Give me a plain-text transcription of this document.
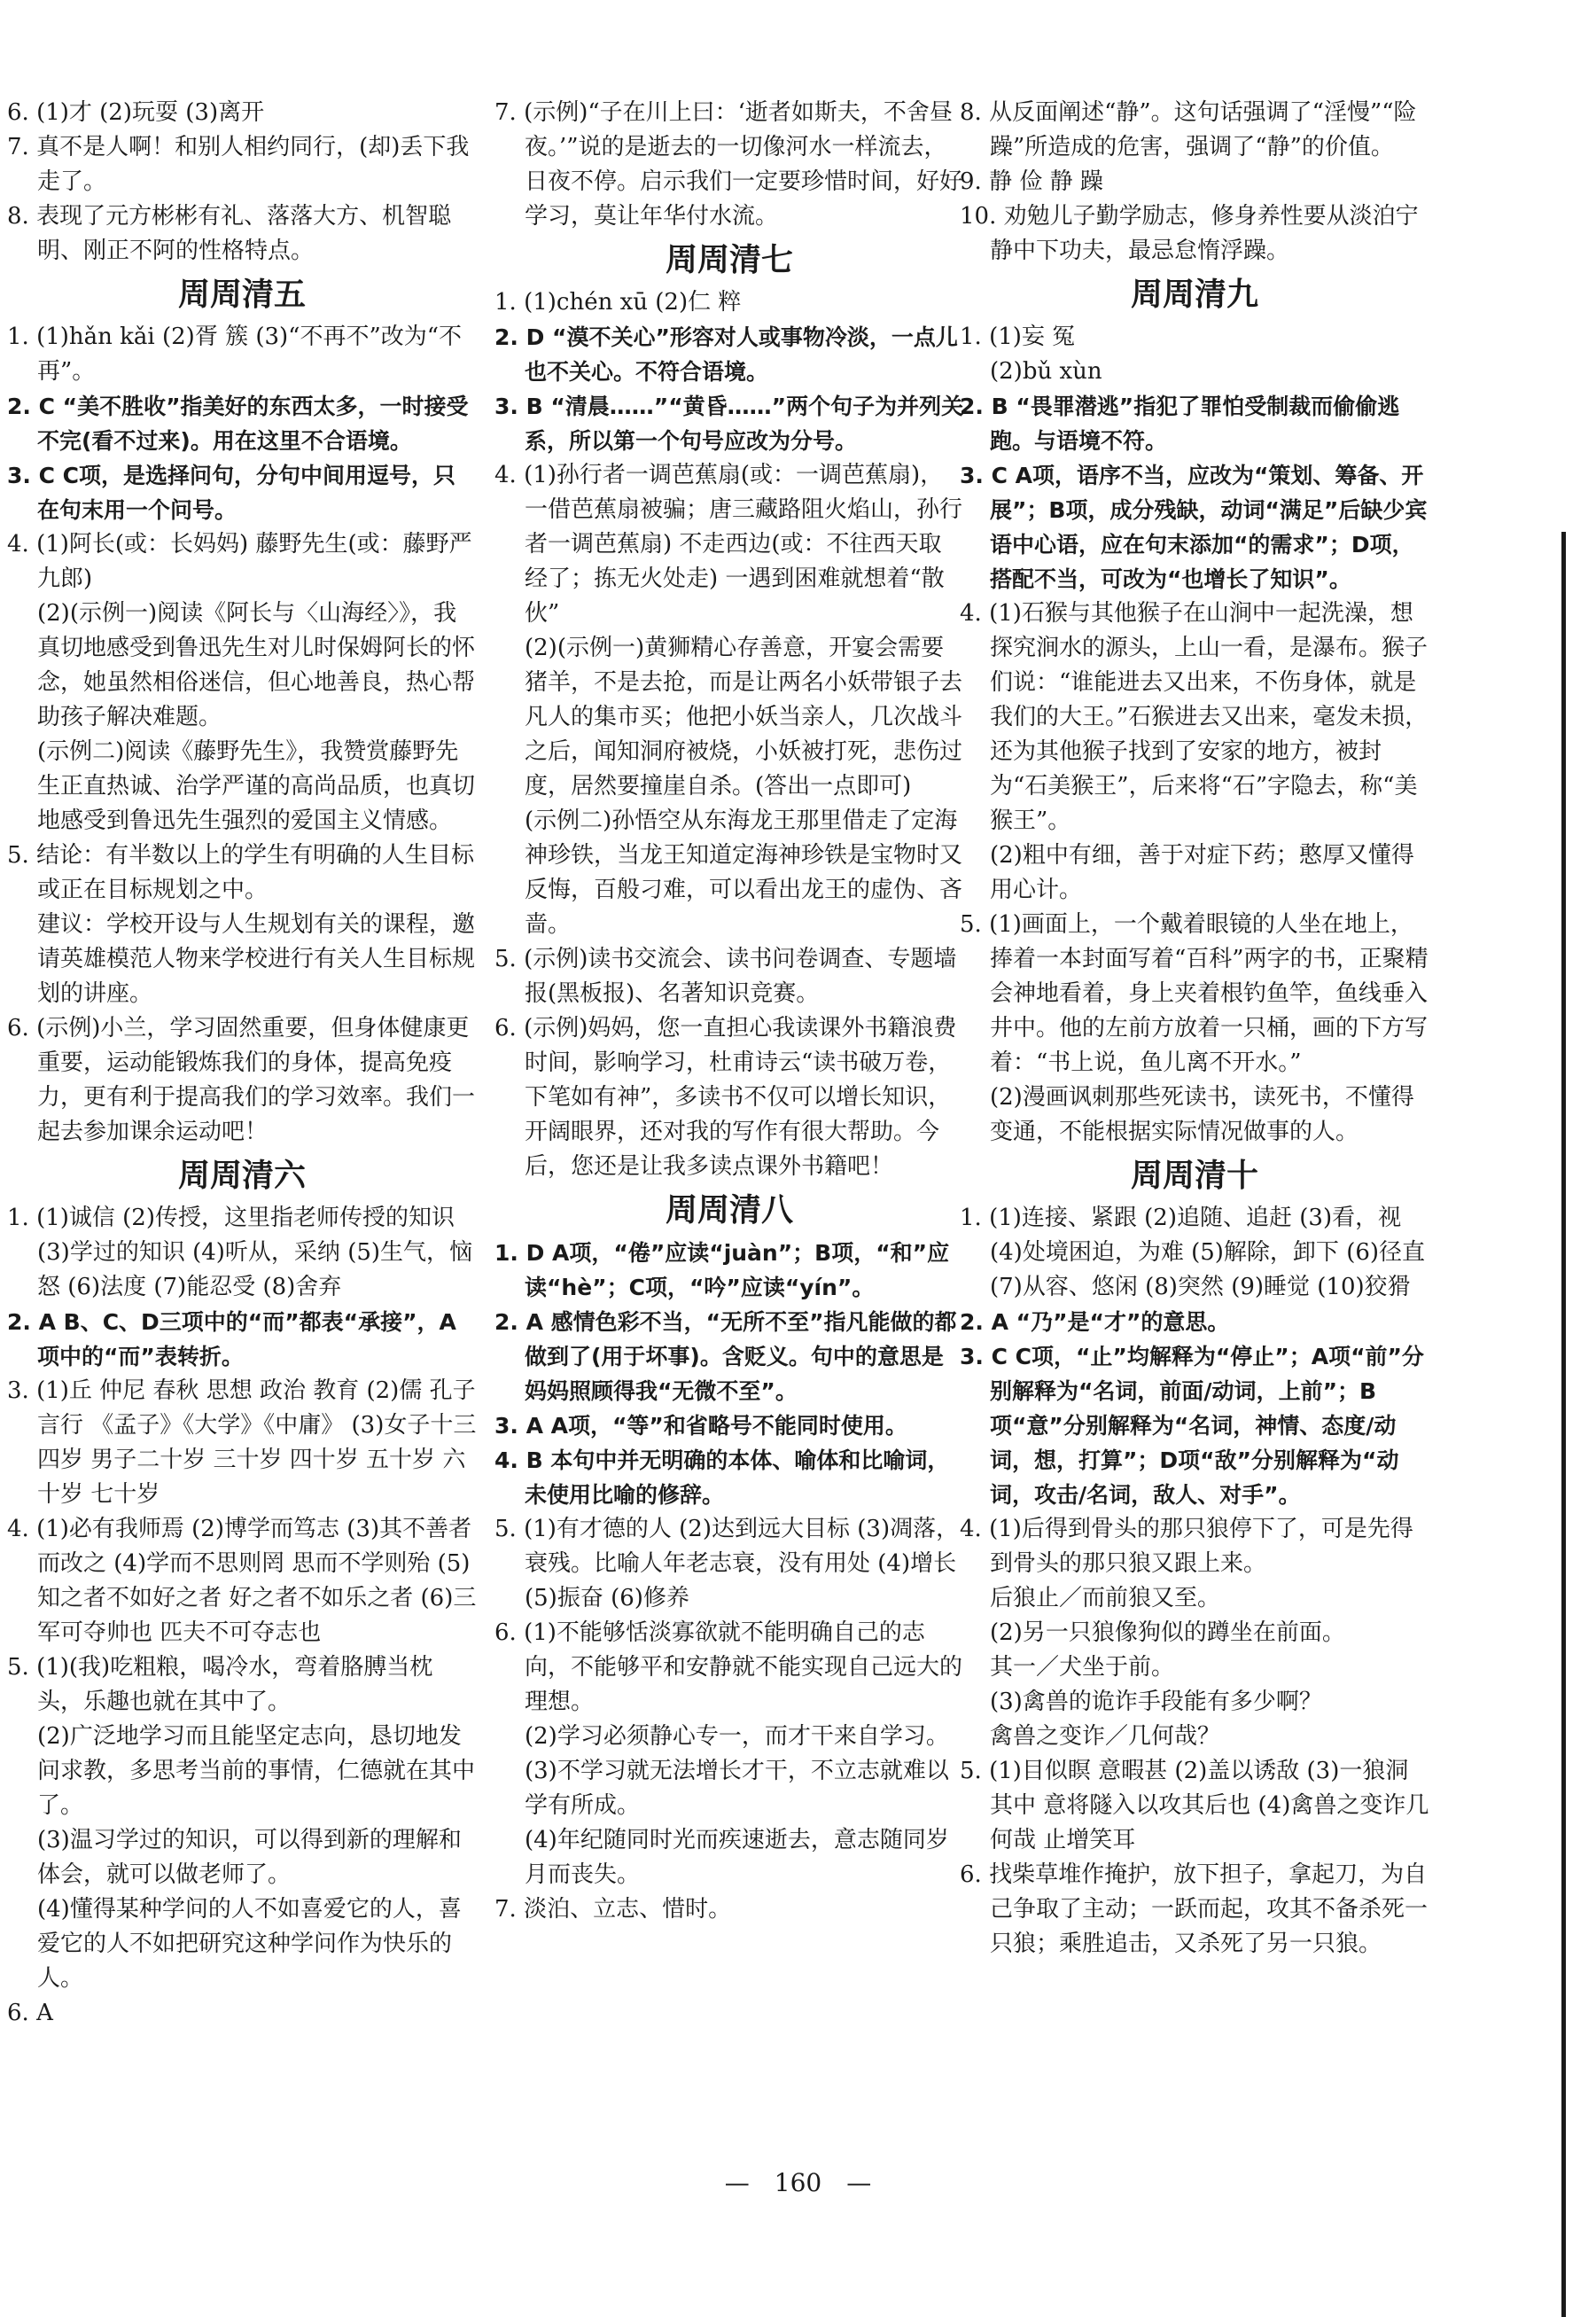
6. (1)才 (2)玩耍 (3)离开

7. 真不是人啊！和别人相约同行，(却)丢下我走了。

8. 表现了元方彬彬有礼、落落大方、机智聪明、刚正不阿的性格特点。

周周清五

1. (1)hǎn kǎi (2)胥 簇 (3)“不再不”改为“不再”。

2. C “美不胜收”指美好的东西太多，一时接受不完(看不过来)。用在这里不合语境。

3. C C项，是选择问句，分句中间用逗号，只在句末用一个问号。

4. (1)阿长(或：长妈妈) 藤野先生(或：藤野严九郎)

(2)(示例一)阅读《阿长与〈山海经〉》，我真切地感受到鲁迅先生对儿时保姆阿长的怀念，她虽然相俗迷信，但心地善良，热心帮助孩子解决难题。

(示例二)阅读《藤野先生》，我赞赏藤野先生正直热诚、治学严谨的高尚品质，也真切地感受到鲁迅先生强烈的爱国主义情感。

5. 结论：有半数以上的学生有明确的人生目标或正在目标规划之中。

建议：学校开设与人生规划有关的课程，邀请英雄模范人物来学校进行有关人生目标规划的讲座。

6. (示例)小兰，学习固然重要，但身体健康更重要，运动能锻炼我们的身体，提高免疫力，更有利于提高我们的学习效率。我们一起去参加课余运动吧！

周周清六

1. (1)诚信 (2)传授，这里指老师传授的知识 (3)学过的知识 (4)听从，采纳 (5)生气，恼怒 (6)法度 (7)能忍受 (8)舍弃

2. A B、C、D三项中的“而”都表“承接”，A项中的“而”表转折。

3. (1)丘 仲尼 春秋 思想 政治 教育 (2)儒 孔子 言行 《孟子》《大学》《中庸》 (3)女子十三四岁 男子二十岁 三十岁 四十岁 五十岁 六十岁 七十岁

4. (1)必有我师焉 (2)博学而笃志 (3)其不善者而改之 (4)学而不思则罔 思而不学则殆 (5)知之者不如好之者 好之者不如乐之者 (6)三军可夺帅也 匹夫不可夺志也

5. (1)(我)吃粗粮，喝冷水，弯着胳膊当枕头，乐趣也就在其中了。

(2)广泛地学习而且能坚定志向，恳切地发问求教，多思考当前的事情，仁德就在其中了。

(3)温习学过的知识，可以得到新的理解和体会，就可以做老师了。

(4)懂得某种学问的人不如喜爱它的人，喜爱它的人不如把研究这种学问作为快乐的人。

6. A

7. (示例)“子在川上曰：‘逝者如斯夫，不舍昼夜。’”说的是逝去的一切像河水一样流去，日夜不停。启示我们一定要珍惜时间，好好学习，莫让年华付水流。

周周清七

1. (1)chén xū (2)仁 粹

2. D “漠不关心”形容对人或事物冷淡，一点儿也不关心。不符合语境。

3. B “清晨……”“黄昏……”两个句子为并列关系，所以第一个句号应改为分号。

4. (1)孙行者一调芭蕉扇(或：一调芭蕉扇)，一借芭蕉扇被骗；唐三藏路阻火焰山，孙行者一调芭蕉扇) 不走西边(或：不往西天取经了；拣无火处走) 一遇到困难就想着“散伙”

(2)(示例一)黄狮精心存善意，开宴会需要猪羊，不是去抢，而是让两名小妖带银子去凡人的集市买；他把小妖当亲人，几次战斗之后，闻知洞府被烧，小妖被打死，悲伤过度，居然要撞崖自杀。(答出一点即可)

(示例二)孙悟空从东海龙王那里借走了定海神珍铁，当龙王知道定海神珍铁是宝物时又反悔，百般刁难，可以看出龙王的虚伪、吝啬。

5. (示例)读书交流会、读书问卷调查、专题墙报(黑板报)、名著知识竞赛。

6. (示例)妈妈，您一直担心我读课外书籍浪费时间，影响学习，杜甫诗云“读书破万卷，下笔如有神”，多读书不仅可以增长知识，开阔眼界，还对我的写作有很大帮助。今后，您还是让我多读点课外书籍吧！

周周清八

1. D A项，“倦”应读“juàn”；B项，“和”应读“hè”；C项，“吟”应读“yín”。

2. A 感情色彩不当，“无所不至”指凡能做的都做到了(用于坏事)。含贬义。句中的意思是妈妈照顾得我“无微不至”。

3. A A项，“等”和省略号不能同时使用。

4. B 本句中并无明确的本体、喻体和比喻词，未使用比喻的修辞。

5. (1)有才德的人 (2)达到远大目标 (3)凋落，衰残。比喻人年老志衰，没有用处 (4)增长 (5)振奋 (6)修养

6. (1)不能够恬淡寡欲就不能明确自己的志向，不能够平和安静就不能实现自己远大的理想。

(2)学习必须静心专一，而才干来自学习。

(3)不学习就无法增长才干，不立志就难以学有所成。

(4)年纪随同时光而疾速逝去，意志随同岁月而丧失。

7. 淡泊、立志、惜时。

8. 从反面阐述“静”。这句话强调了“淫慢”“险躁”所造成的危害，强调了“静”的价值。

9. 静 俭 静 躁

10. 劝勉儿子勤学励志，修身养性要从淡泊宁静中下功夫，最忌怠惰浮躁。

周周清九

1. (1)妄 冤

(2)bǔ xùn

2. B “畏罪潜逃”指犯了罪怕受制裁而偷偷逃跑。与语境不符。

3. C A项，语序不当，应改为“策划、筹备、开展”；B项，成分残缺，动词“满足”后缺少宾语中心语，应在句末添加“的需求”；D项，搭配不当，可改为“也增长了知识”。

4. (1)石猴与其他猴子在山涧中一起洗澡，想探究涧水的源头，上山一看，是瀑布。猴子们说：“谁能进去又出来，不伤身体，就是我们的大王。”石猴进去又出来，毫发未损，还为其他猴子找到了安家的地方，被封为“石美猴王”，后来将“石”字隐去，称“美猴王”。

(2)粗中有细，善于对症下药；憨厚又懂得用心计。

5. (1)画面上，一个戴着眼镜的人坐在地上，捧着一本封面写着“百科”两字的书，正聚精会神地看着，身上夹着根钓鱼竿，鱼线垂入井中。他的左前方放着一只桶，画的下方写着：“书上说，鱼儿离不开水。”

(2)漫画讽刺那些死读书，读死书，不懂得变通，不能根据实际情况做事的人。

周周清十

1. (1)连接、紧跟 (2)追随、追赶 (3)看，视 (4)处境困迫，为难 (5)解除，卸下 (6)径直 (7)从容、悠闲 (8)突然 (9)睡觉 (10)狡猾

2. A “乃”是“才”的意思。

3. C C项，“止”均解释为“停止”；A项“前”分别解释为“名词，前面/动词，上前”；B项“意”分别解释为“名词，神情、态度/动词，想，打算”；D项“敌”分别解释为“动词，攻击/名词，敌人、对手”。

4. (1)后得到骨头的那只狼停下了，可是先得到骨头的那只狼又跟上来。

后狼止／而前狼又至。

(2)另一只狼像狗似的蹲坐在前面。

其一／犬坐于前。

(3)禽兽的诡诈手段能有多少啊？

禽兽之变诈／几何哉？

5. (1)目似瞑 意暇甚 (2)盖以诱敌 (3)一狼洞其中 意将隧入以攻其后也 (4)禽兽之变诈几何哉 止增笑耳

6. 找柴草堆作掩护，放下担子，拿起刀，为自己争取了主动；一跃而起，攻其不备杀死一只狼；乘胜追击，又杀死了另一只狼。

— 160 —
